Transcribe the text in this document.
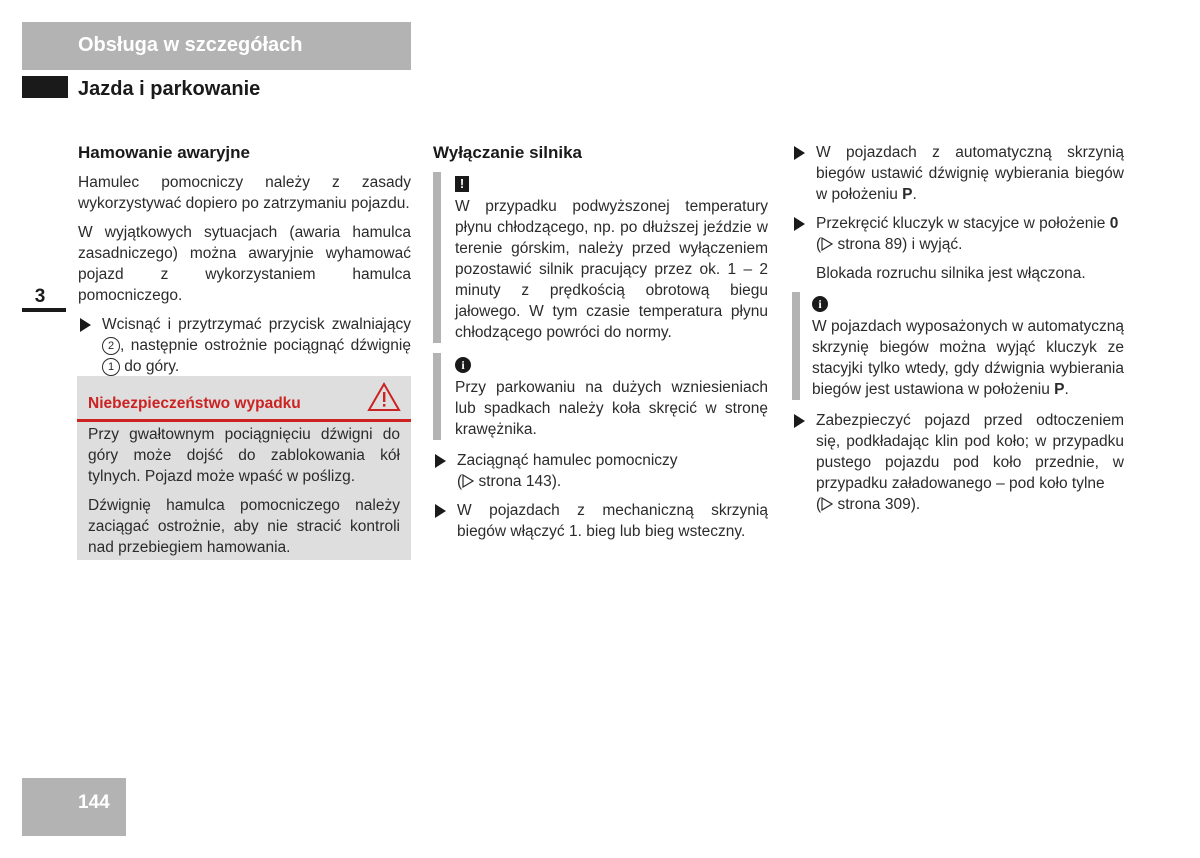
Obsługa w szczegółach
Jazda i parkowanie
3
144
Hamowanie awaryjne
Hamulec pomocniczy należy z zasady wykorzystywać dopiero po zatrzymaniu pojazdu.
W wyjątkowych sytuacjach (awaria hamulca zasadniczego) można awaryjnie wyhamować pojazd z wykorzystaniem hamulca pomocniczego.
Wcisnąć i przytrzymać przycisk zwalniający 2 , następnie ostrożnie pociągnąć dźwignię 1 do góry.
Niebezpieczeństwo wypadku
Przy gwałtownym pociągnięciu dźwigni do góry może dojść do zablokowania kół tylnych. Pojazd może wpaść w poślizg.
Dźwignię hamulca pomocniczego należy zaciągać ostrożnie, aby nie stracić kontroli nad przebiegiem hamowania.
Wyłączanie silnika
!
W przypadku podwyższonej temperatury płynu chłodzącego, np. po dłuższej jeździe w terenie górskim, należy przed wyłączeniem pozostawić silnik pracujący przez ok. 1 – 2 minuty z prędkością obrotową biegu jałowego. W tym czasie temperatura płynu chłodzącego powróci do normy.
i
Przy parkowaniu na dużych wzniesieniach lub spadkach należy koła skręcić w stronę krawężnika.
Zaciągnąć hamulec pomocniczy
(
strona 143).
W pojazdach z mechaniczną skrzynią biegów włączyć 1. bieg lub bieg wsteczny.
W pojazdach z automatyczną skrzynią biegów ustawić dźwignię wybierania biegów w położeniu P.
Przekręcić kluczyk w stacyjce w położenie 0
(
strona 89) i wyjąć.
Blokada rozruchu silnika jest włączona.
i
W pojazdach wyposażonych w automatyczną skrzynię biegów można wyjąć kluczyk ze stacyjki tylko wtedy, gdy dźwignia wybierania biegów jest ustawiona w położeniu P.
Zabezpieczyć pojazd przed odtoczeniem się, podkładając klin pod koło; w przypadku pustego pojazdu pod koło przednie, w przypadku załadowanego – pod koło tylne
(
strona 309).
